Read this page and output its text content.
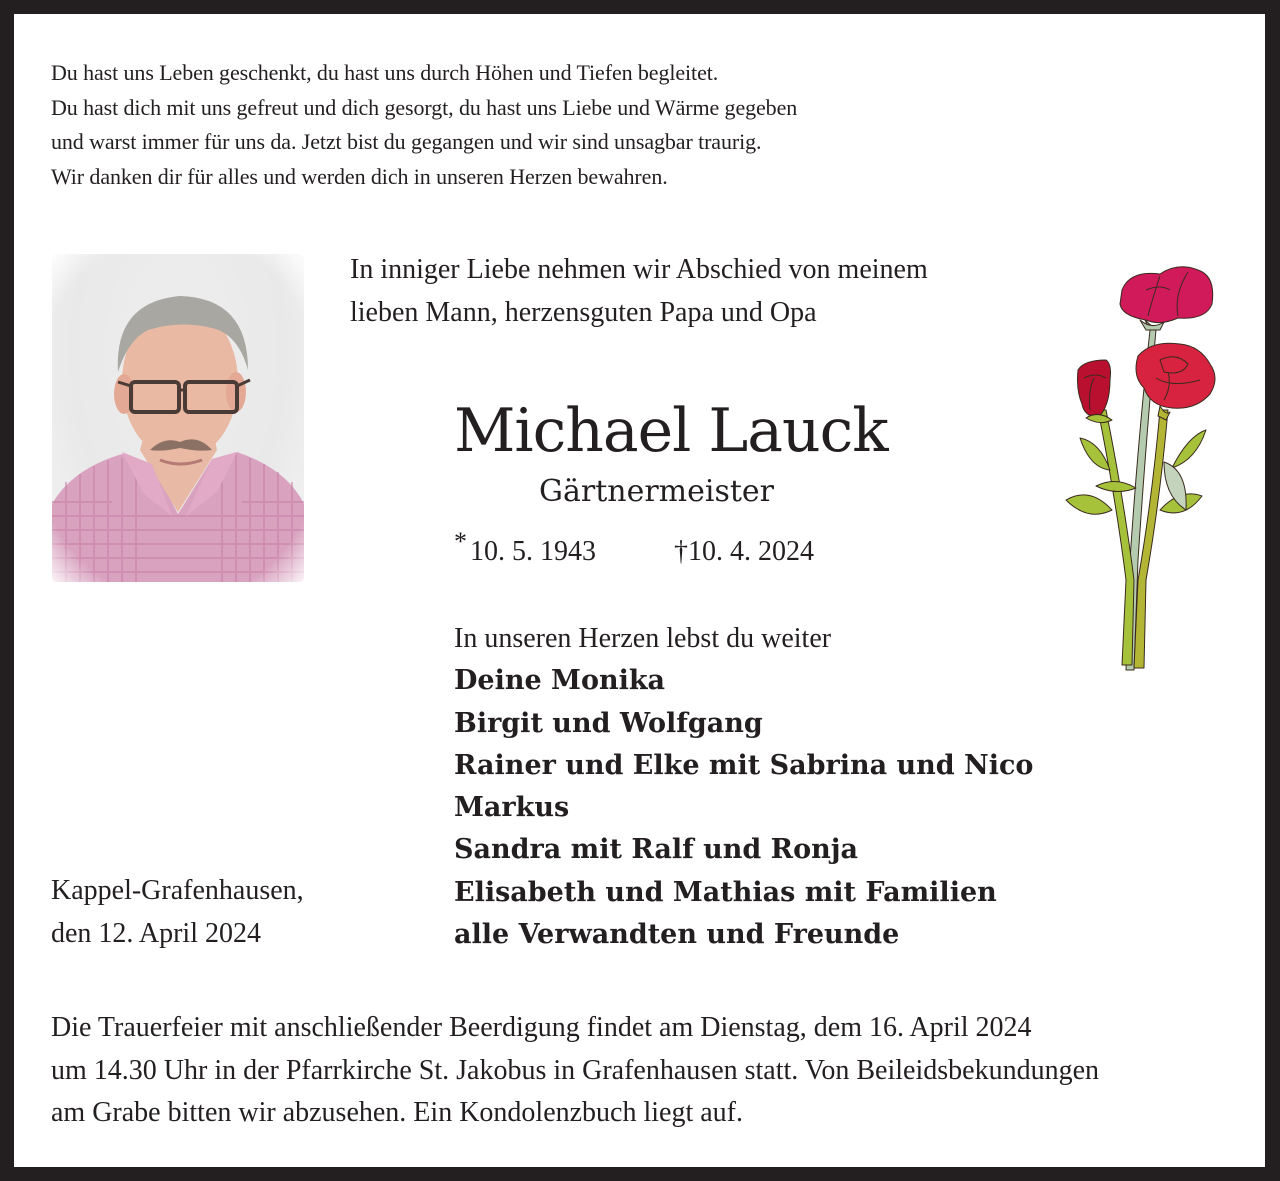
Du hast uns Leben geschenkt, du hast uns durch Höhen und Tiefen begleitet.
Du hast dich mit uns gefreut und dich gesorgt, du hast uns Liebe und Wärme gegeben
und warst immer für uns da. Jetzt bist du gegangen und wir sind unsagbar traurig.
Wir danken dir für alles und werden dich in unseren Herzen bewahren.
In inniger Liebe nehmen wir Abschied von meinem
lieben Mann, herzensguten Papa und Opa
Michael Lauck
Gärtnermeister
* 10. 5. 1943	†10. 4. 2024
In unseren Herzen lebst du weiter
Deine Monika
Birgit und Wolfgang
Rainer und Elke mit Sabrina und Nico
Markus
Sandra mit Ralf und Ronja
Elisabeth und Mathias mit Familien
alle Verwandten und Freunde
Kappel-Grafenhausen,
den 12. April 2024
Die Trauerfeier mit anschließender Beerdigung findet am Dienstag, dem 16. April 2024
um 14.30 Uhr in der Pfarrkirche St. Jakobus in Grafenhausen statt. Von Beileidsbekundungen
am Grabe bitten wir abzusehen. Ein Kondolenzbuch liegt auf.
